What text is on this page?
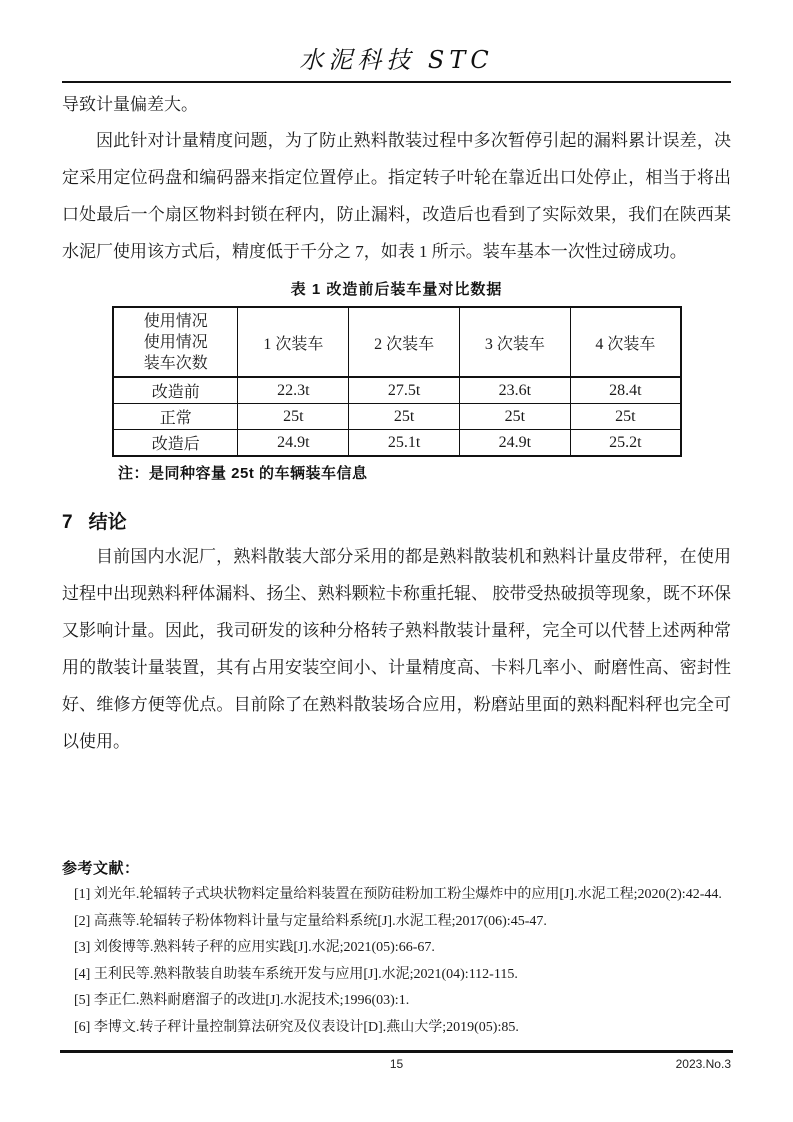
水泥科技 STC

导致计量偏差大。

因此针对计量精度问题，为了防止熟料散装过程中多次暂停引起的漏料累计误差，决定采用定位码盘和编码器来指定位置停止。指定转子叶轮在靠近出口处停止，相当于将出口处最后一个扇区物料封锁在秤内，防止漏料，改造后也看到了实际效果，我们在陕西某水泥厂使用该方式后，精度低于千分之 7，如表 1 所示。装车基本一次性过磅成功。

表 1 改造前后装车量对比数据
使用情况
使用情况
装车次数	1 次装车	2 次装车	3 次装车	4 次装车
改造前	22.3t	27.5t	23.6t	28.4t
正常	25t	25t	25t	25t
改造后	24.9t	25.1t	24.9t	25.2t
注：是同种容量 25t 的车辆装车信息
7 结论

目前国内水泥厂，熟料散装大部分采用的都是熟料散装机和熟料计量皮带秤，在使用过程中出现熟料秤体漏料、扬尘、熟料颗粒卡称重托辊、 胶带受热破损等现象，既不环保又影响计量。因此，我司研发的该种分格转子熟料散装计量秤，完全可以代替上述两种常用的散装计量装置，其有占用安装空间小、计量精度高、卡料几率小、耐磨性高、密封性好、维修方便等优点。目前除了在熟料散装场合应用，粉磨站里面的熟料配料秤也完全可以使用。

参考文献：

[1] 刘光年.轮辐转子式块状物料定量给料装置在预防硅粉加工粉尘爆炸中的应用[J].水泥工程;2020(2):42-44.

[2] 高燕等.轮辐转子粉体物料计量与定量给料系统[J].水泥工程;2017(06):45-47.

[3] 刘俊博等.熟料转子秤的应用实践[J].水泥;2021(05):66-67.

[4] 王利民等.熟料散装自助装车系统开发与应用[J].水泥;2021(04):112-115.

[5] 李正仁.熟料耐磨溜子的改进[J].水泥技术;1996(03):1.

[6] 李博文.转子秤计量控制算法研究及仪表设计[D].燕山大学;2019(05):85.

15	2023.No.3
